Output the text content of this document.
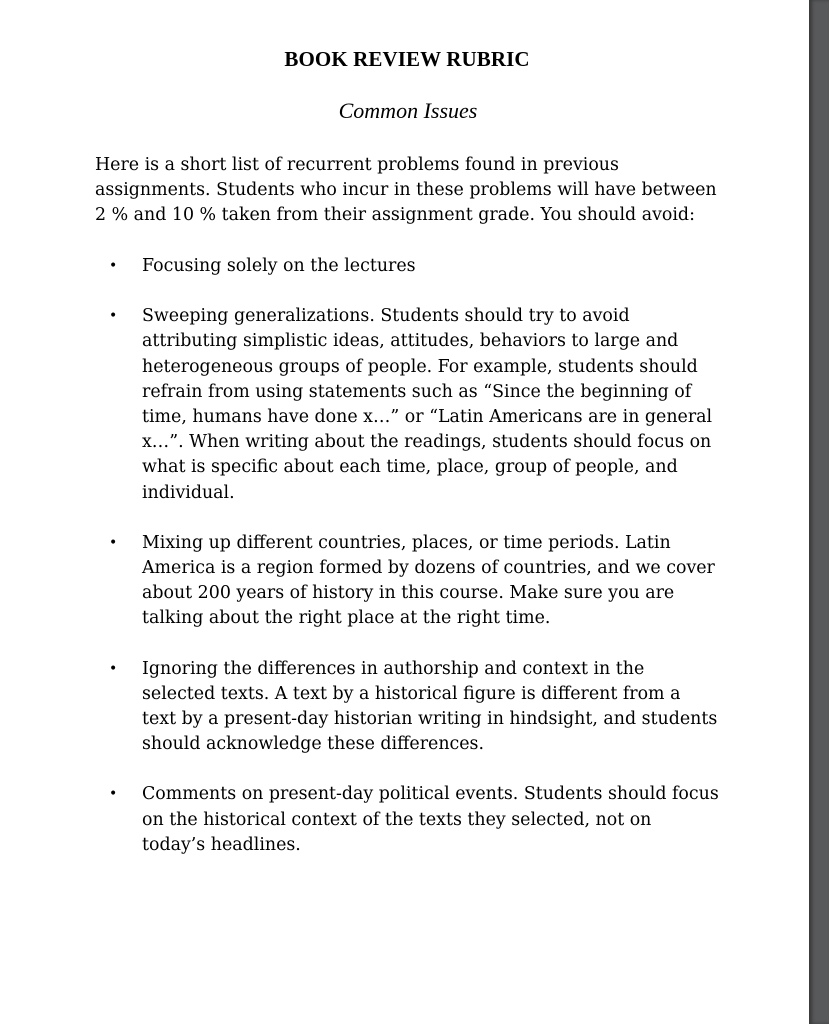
BOOK REVIEW RUBRIC
Common Issues
Here is a short list of recurrent problems found in previous assignments. Students who incur in these problems will have between 2 % and 10 % taken from their assignment grade. You should avoid:
• Focusing solely on the lectures
• Sweeping generalizations. Students should try to avoid attributing simplistic ideas, attitudes, behaviors to large and heterogeneous groups of people. For example, students should refrain from using statements such as “Since the beginning of time, humans have done x…” or “Latin Americans are in general x…”. When writing about the readings, students should focus on what is specific about each time, place, group of people, and individual.
• Mixing up different countries, places, or time periods. Latin America is a region formed by dozens of countries, and we cover about 200 years of history in this course. Make sure you are talking about the right place at the right time.
• Ignoring the differences in authorship and context in the selected texts. A text by a historical figure is different from a text by a present-day historian writing in hindsight, and students should acknowledge these differences.
• Comments on present-day political events. Students should focus on the historical context of the texts they selected, not on today’s headlines.
